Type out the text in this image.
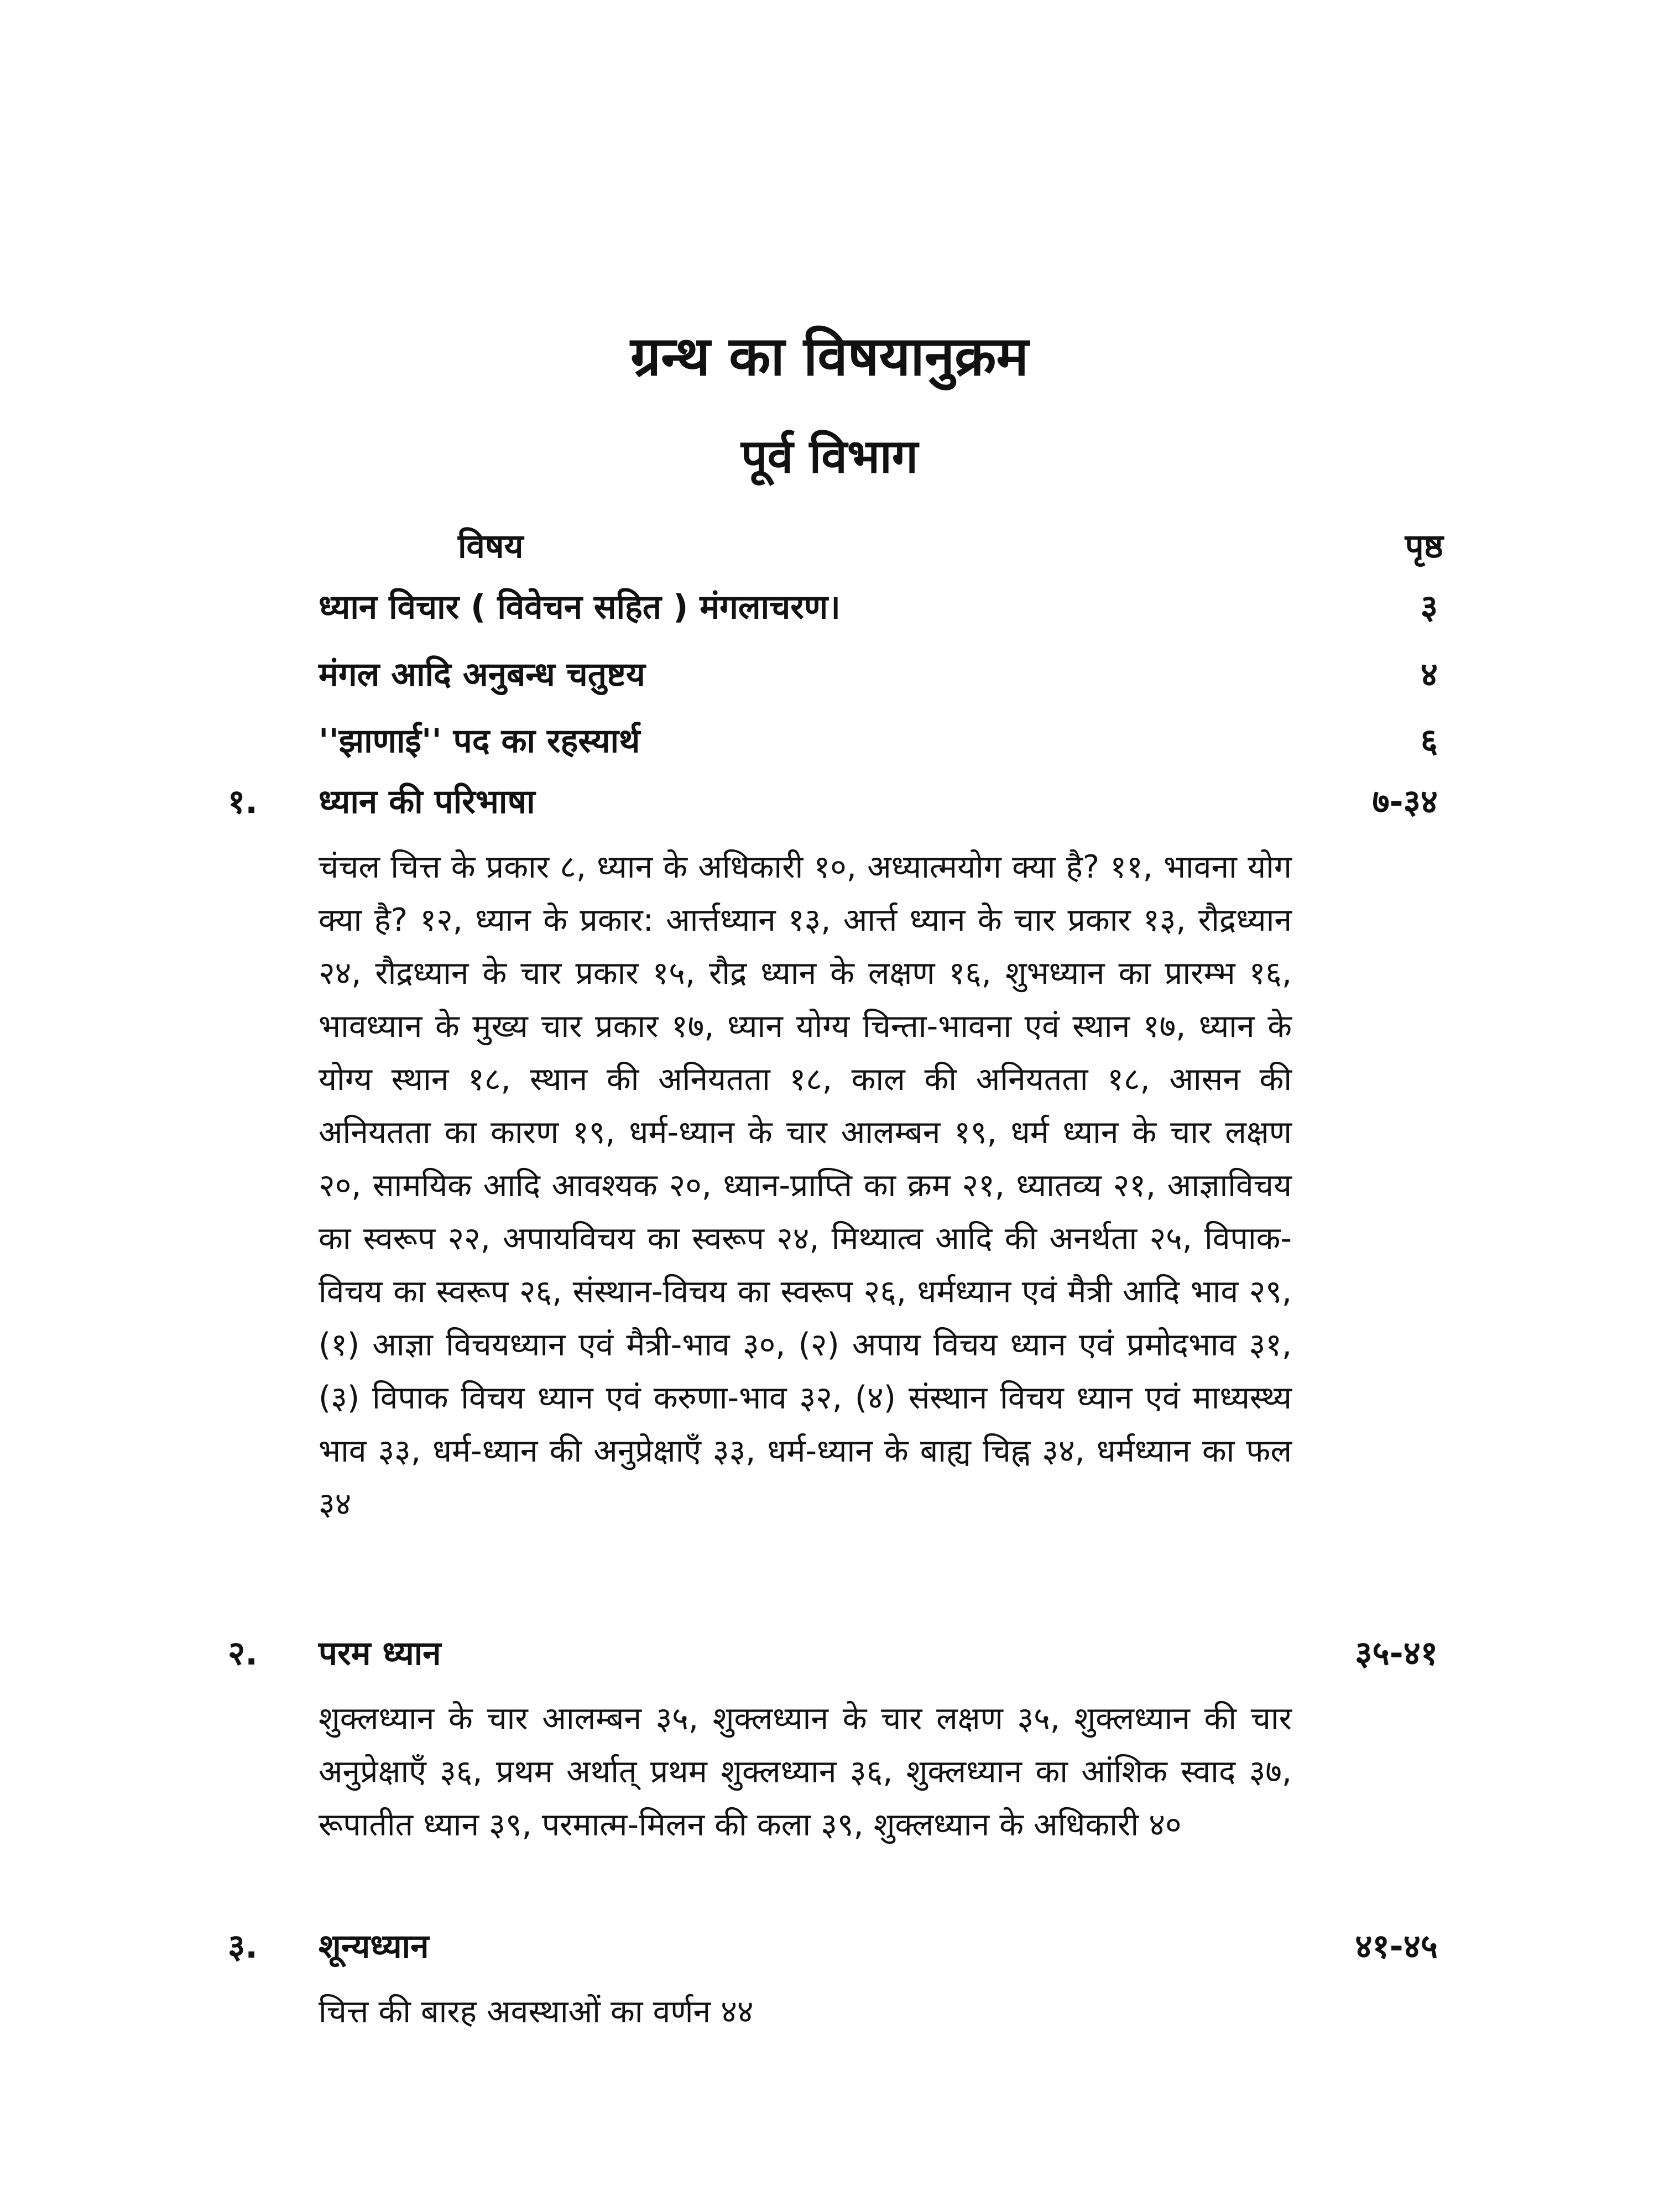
ग्रन्थ का विषयानुक्रम
पूर्व विभाग
विषय	पृष्ठ
ध्यान विचार ( विवेचन सहित ) मंगलाचरण।	३
मंगल आदि अनुबन्ध चतुष्टय	४
''झाणाई'' पद का रहस्यार्थ	६
१. ध्यान की परिभाषा	७-३४
चंचल चित्त के प्रकार ८, ध्यान के अधिकारी १०, अध्यात्मयोग क्या है? ११, भावना योग क्या है? १२, ध्यान के प्रकार: आर्त्तध्यान १३, आर्त्त ध्यान के चार प्रकार १३, रौद्रध्यान २४, रौद्रध्यान के चार प्रकार १५, रौद्र ध्यान के लक्षण १६, शुभध्यान का प्रारम्भ १६, भावध्यान के मुख्य चार प्रकार १७, ध्यान योग्य चिन्ता-भावना एवं स्थान १७, ध्यान के योग्य स्थान १८, स्थान की अनियतता १८, काल की अनियतता १८, आसन की अनियतता का कारण १९, धर्म-ध्यान के चार आलम्बन १९, धर्म ध्यान के चार लक्षण २०, सामयिक आदि आवश्यक २०, ध्यान-प्राप्ति का क्रम २१, ध्यातव्य २१, आज्ञाविचय का स्वरूप २२, अपायविचय का स्वरूप २४, मिथ्यात्व आदि की अनर्थता २५, विपाक-विचय का स्वरूप २६, संस्थान-विचय का स्वरूप २६, धर्मध्यान एवं मैत्री आदि भाव २९, (१) आज्ञा विचयध्यान एवं मैत्री-भाव ३०, (२) अपाय विचय ध्यान एवं प्रमोदभाव ३१, (३) विपाक विचय ध्यान एवं करुणा-भाव ३२, (४) संस्थान विचय ध्यान एवं माध्यस्थ्य भाव ३३, धर्म-ध्यान की अनुप्रेक्षाएँ ३३, धर्म-ध्यान के बाह्य चिह्न ३४, धर्मध्यान का फल ३४
२. परम ध्यान	३५-४१
शुक्लध्यान के चार आलम्बन ३५, शुक्लध्यान के चार लक्षण ३५, शुक्लध्यान की चार अनुप्रेक्षाएँ ३६, प्रथम अर्थात् प्रथम शुक्लध्यान ३६, शुक्लध्यान का आंशिक स्वाद ३७, रूपातीत ध्यान ३९, परमात्म-मिलन की कला ३९, शुक्लध्यान के अधिकारी ४०
३. शून्यध्यान	४१-४५
चित्त की बारह अवस्थाओं का वर्णन ४४
